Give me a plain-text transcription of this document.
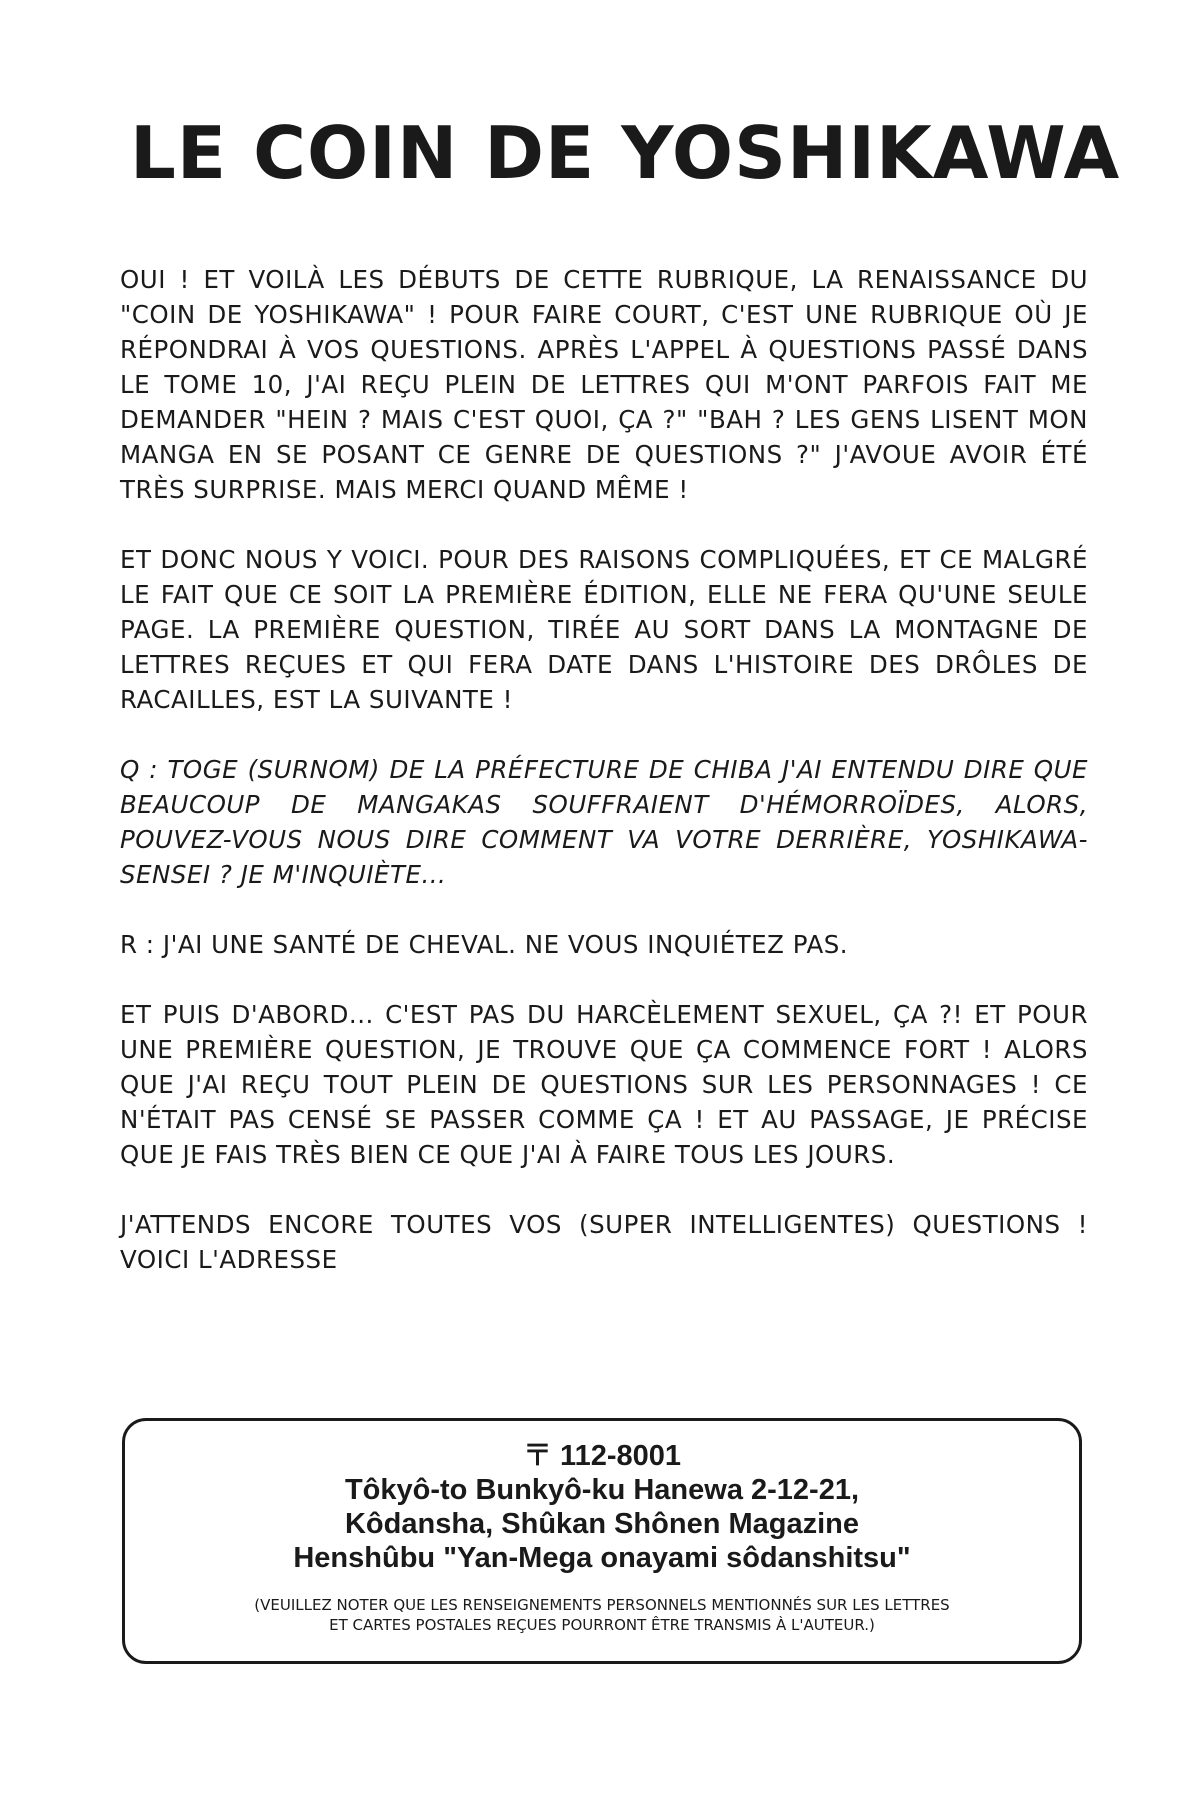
LE COIN DE YOSHIKAWA

OUI ! ET VOILÀ LES DÉBUTS DE CETTE RUBRIQUE, LA RENAISSANCE DU "COIN DE YOSHIKAWA" ! POUR FAIRE COURT, C'EST UNE RUBRIQUE OÙ JE RÉPONDRAI À VOS QUESTIONS. APRÈS L'APPEL À QUESTIONS PASSÉ DANS LE TOME 10, J'AI REÇU PLEIN DE LETTRES QUI M'ONT PARFOIS FAIT ME DEMANDER "HEIN ? MAIS C'EST QUOI, ÇA ?" "BAH ? LES GENS LISENT MON MANGA EN SE POSANT CE GENRE DE QUESTIONS ?" J'AVOUE AVOIR ÉTÉ TRÈS SURPRISE. MAIS MERCI QUAND MÊME !

ET DONC NOUS Y VOICI. POUR DES RAISONS COMPLIQUÉES, ET CE MALGRÉ LE FAIT QUE CE SOIT LA PREMIÈRE ÉDITION, ELLE NE FERA QU'UNE SEULE PAGE. LA PREMIÈRE QUESTION, TIRÉE AU SORT DANS LA MONTAGNE DE LETTRES REÇUES ET QUI FERA DATE DANS L'HISTOIRE DES DRÔLES DE RACAILLES, EST LA SUIVANTE !

Q : TOGE (SURNOM) DE LA PRÉFECTURE DE CHIBA J'AI ENTENDU DIRE QUE BEAUCOUP DE MANGAKAS SOUFFRAIENT D'HÉMORROÏDES, ALORS, POUVEZ-VOUS NOUS DIRE COMMENT VA VOTRE DERRIÈRE, YOSHIKAWA-SENSEI ? JE M'INQUIÈTE...

R : J'AI UNE SANTÉ DE CHEVAL. NE VOUS INQUIÉTEZ PAS.

ET PUIS D'ABORD... C'EST PAS DU HARCÈLEMENT SEXUEL, ÇA ?! ET POUR UNE PREMIÈRE QUESTION, JE TROUVE QUE ÇA COMMENCE FORT ! ALORS QUE J'AI REÇU TOUT PLEIN DE QUESTIONS SUR LES PERSONNAGES ! CE N'ÉTAIT PAS CENSÉ SE PASSER COMME ÇA ! ET AU PASSAGE, JE PRÉCISE QUE JE FAIS TRÈS BIEN CE QUE J'AI À FAIRE TOUS LES JOURS.

J'ATTENDS ENCORE TOUTES VOS (SUPER INTELLIGENTES) QUESTIONS ! VOICI L'ADRESSE

〒 112-8001
Tôkyô-to Bunkyô-ku Hanewa 2-12-21,
Kôdansha, Shûkan Shônen Magazine
Henshûbu "Yan-Mega onayami sôdanshitsu"
(VEUILLEZ NOTER QUE LES RENSEIGNEMENTS PERSONNELS MENTIONNÉS SUR LES LETTRES
ET CARTES POSTALES REÇUES POURRONT ÊTRE TRANSMIS À L'AUTEUR.)
